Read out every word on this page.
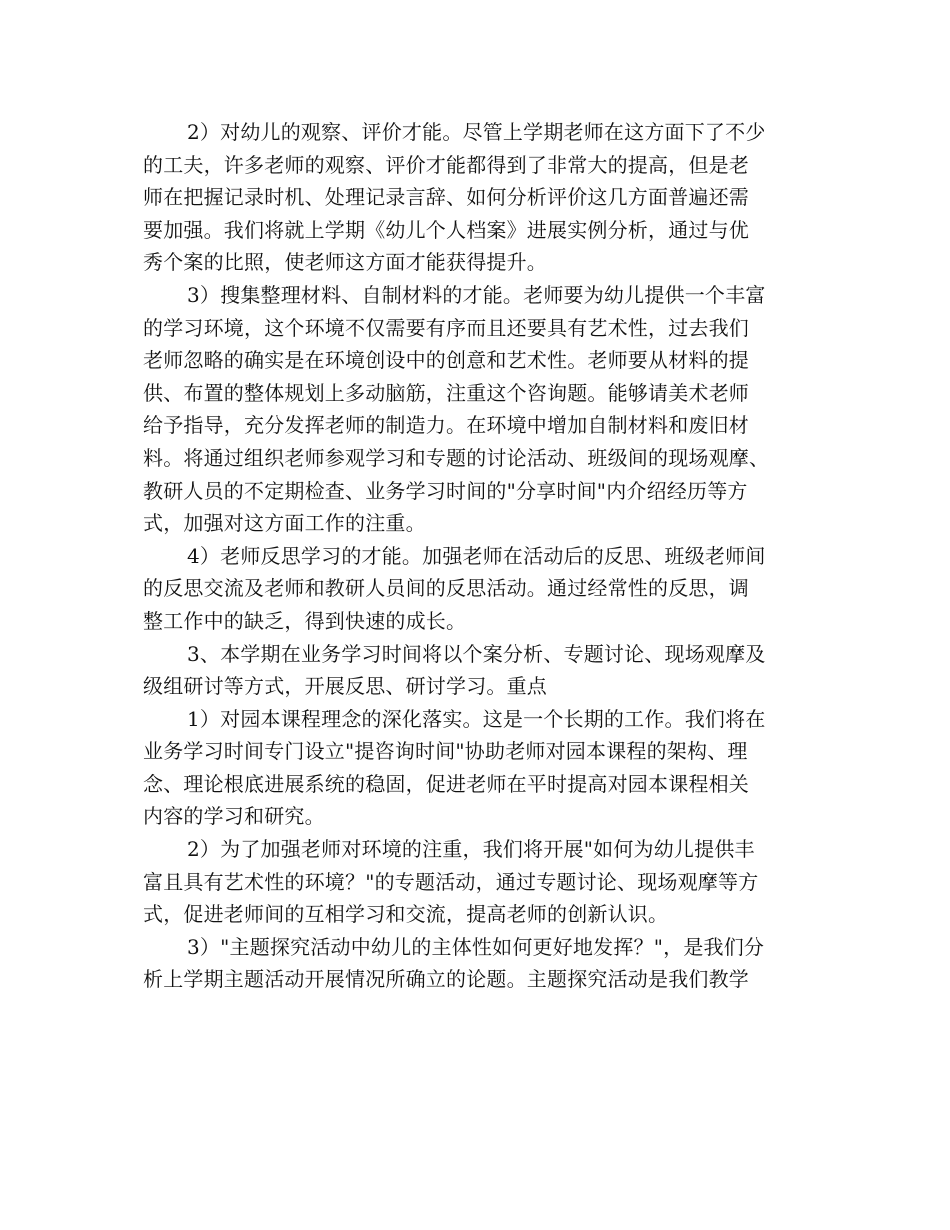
2）对幼儿的观察、评价才能。尽管上学期老师在这方面下了不少
的工夫，许多老师的观察、评价才能都得到了非常大的提高，但是老
师在把握记录时机、处理记录言辞、如何分析评价这几方面普遍还需
要加强。我们将就上学期《幼儿个人档案》进展实例分析，通过与优
秀个案的比照，使老师这方面才能获得提升。
3）搜集整理材料、自制材料的才能。老师要为幼儿提供一个丰富
的学习环境，这个环境不仅需要有序而且还要具有艺术性，过去我们
老师忽略的确实是在环境创设中的创意和艺术性。老师要从材料的提
供、布置的整体规划上多动脑筋，注重这个咨询题。能够请美术老师
给予指导，充分发挥老师的制造力。在环境中增加自制材料和废旧材
料。将通过组织老师参观学习和专题的讨论活动、班级间的现场观摩、
教研人员的不定期检查、业务学习时间的"分享时间"内介绍经历等方
式，加强对这方面工作的注重。
4）老师反思学习的才能。加强老师在活动后的反思、班级老师间
的反思交流及老师和教研人员间的反思活动。通过经常性的反思，调
整工作中的缺乏，得到快速的成长。
3、本学期在业务学习时间将以个案分析、专题讨论、现场观摩及
级组研讨等方式，开展反思、研讨学习。重点
1）对园本课程理念的深化落实。这是一个长期的工作。我们将在
业务学习时间专门设立"提咨询时间"协助老师对园本课程的架构、理
念、理论根底进展系统的稳固，促进老师在平时提高对园本课程相关
内容的学习和研究。
2）为了加强老师对环境的注重，我们将开展"如何为幼儿提供丰
富且具有艺术性的环境？"的专题活动，通过专题讨论、现场观摩等方
式，促进老师间的互相学习和交流，提高老师的创新认识。
3）"主题探究活动中幼儿的主体性如何更好地发挥？"，是我们分
析上学期主题活动开展情况所确立的论题。主题探究活动是我们教学
